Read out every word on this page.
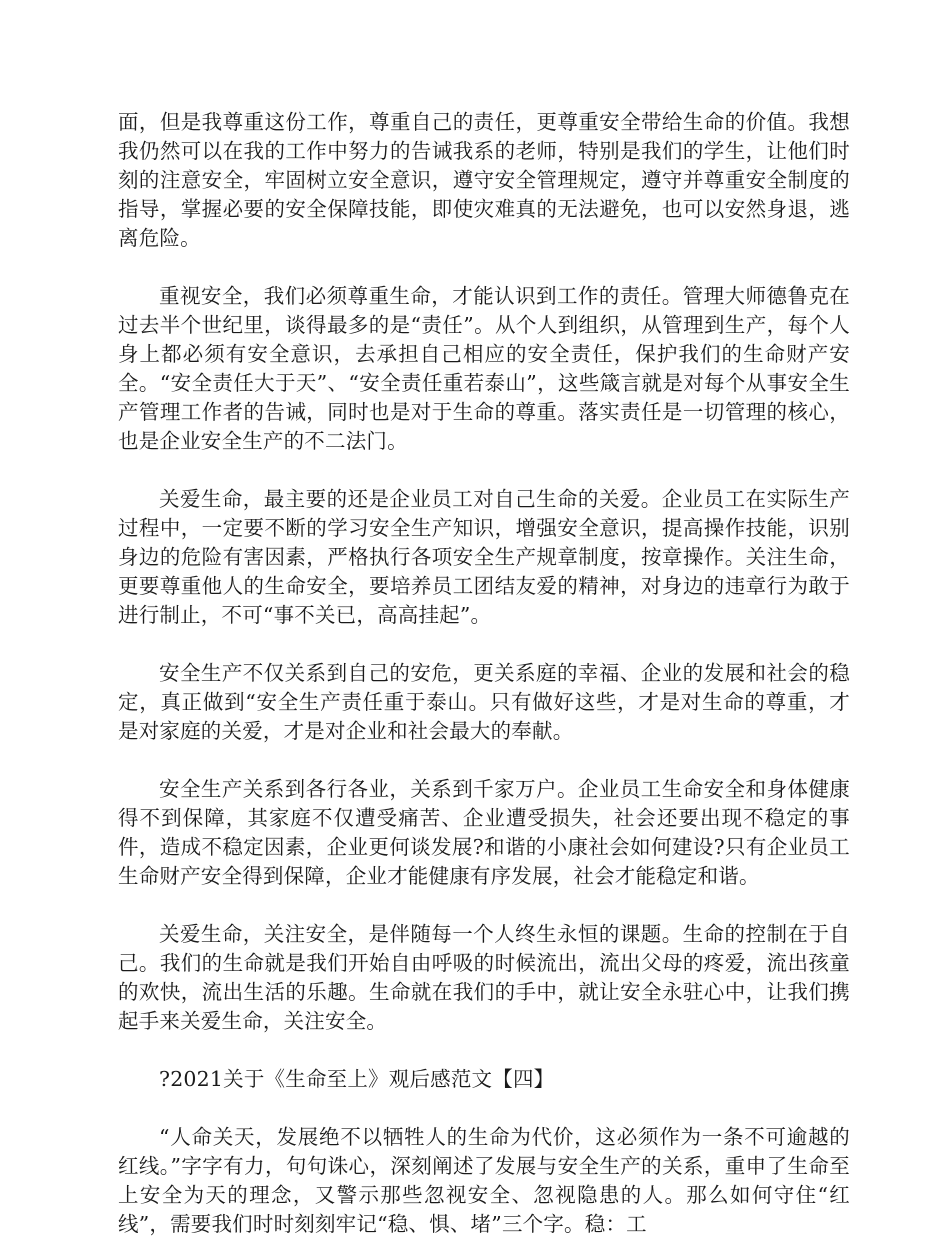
面，但是我尊重这份工作，尊重自己的责任，更尊重安全带给生命的价值。我想我仍然可以在我的工作中努力的告诫我系的老师，特别是我们的学生，让他们时刻的注意安全，牢固树立安全意识，遵守安全管理规定，遵守并尊重安全制度的指导，掌握必要的安全保障技能，即使灾难真的无法避免，也可以安然身退，逃离危险。

重视安全，我们必须尊重生命，才能认识到工作的责任。管理大师德鲁克在过去半个世纪里，谈得最多的是“责任”。从个人到组织，从管理到生产，每个人身上都必须有安全意识，去承担自己相应的安全责任，保护我们的生命财产安全。“安全责任大于天”、“安全责任重若泰山”，这些箴言就是对每个从事安全生产管理工作者的告诫，同时也是对于生命的尊重。落实责任是一切管理的核心，也是企业安全生产的不二法门。

关爱生命，最主要的还是企业员工对自己生命的关爱。企业员工在实际生产过程中，一定要不断的学习安全生产知识，增强安全意识，提高操作技能，识别身边的危险有害因素，严格执行各项安全生产规章制度，按章操作。关注生命，更要尊重他人的生命安全，要培养员工团结友爱的精神，对身边的违章行为敢于进行制止，不可“事不关已，高高挂起”。

安全生产不仅关系到自己的安危，更关系庭的幸福、企业的发展和社会的稳定，真正做到“安全生产责任重于泰山。只有做好这些，才是对生命的尊重，才是对家庭的关爱，才是对企业和社会最大的奉献。

安全生产关系到各行各业，关系到千家万户。企业员工生命安全和身体健康得不到保障，其家庭不仅遭受痛苦、企业遭受损失，社会还要出现不稳定的事件，造成不稳定因素，企业更何谈发展?和谐的小康社会如何建设?只有企业员工生命财产安全得到保障，企业才能健康有序发展，社会才能稳定和谐。

关爱生命，关注安全，是伴随每一个人终生永恒的课题。生命的控制在于自己。我们的生命就是我们开始自由呼吸的时候流出，流出父母的疼爱，流出孩童的欢快，流出生活的乐趣。生命就在我们的手中，就让安全永驻心中，让我们携起手来关爱生命，关注安全。

?2021关于《生命至上》观后感范文【四】

“人命关天，发展绝不以牺牲人的生命为代价，这必须作为一条不可逾越的红线。”字字有力，句句诛心，深刻阐述了发展与安全生产的关系，重申了生命至上安全为天的理念，又警示那些忽视安全、忽视隐患的人。那么如何守住“红线”，需要我们时时刻刻牢记“稳、惧、堵”三个字。稳：工
